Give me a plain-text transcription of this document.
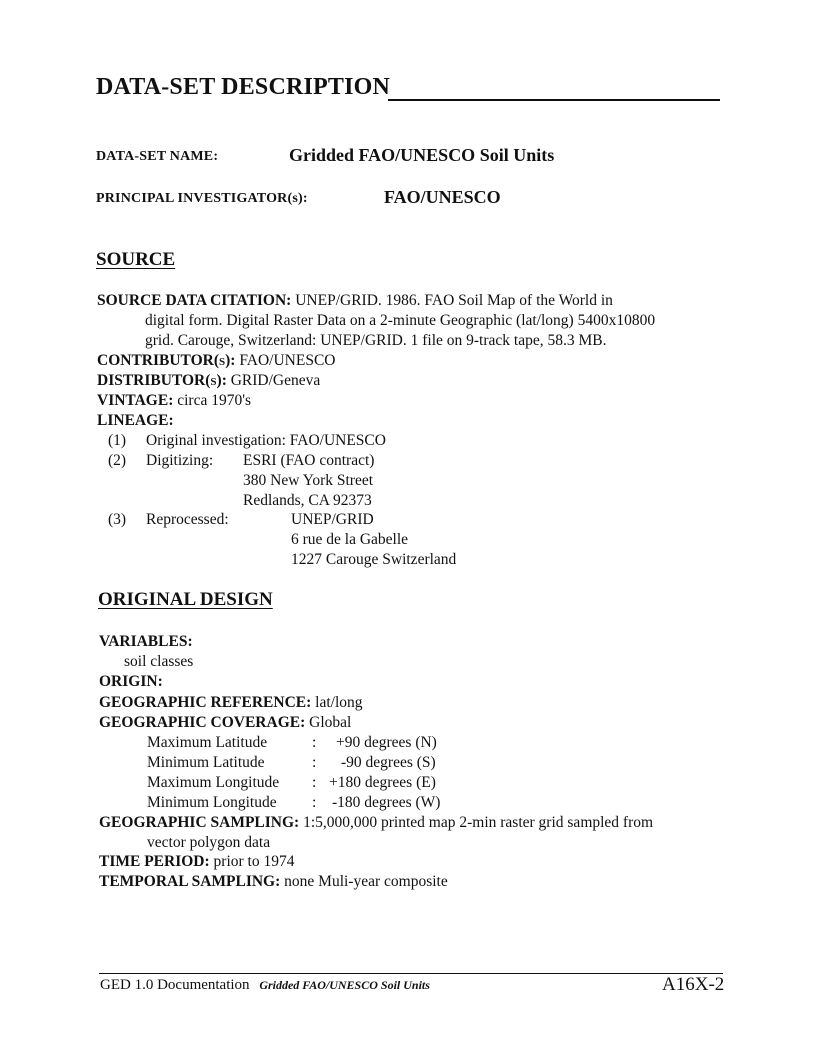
DATA-SET DESCRIPTION
DATA-SET NAME:	Gridded FAO/UNESCO Soil Units
PRINCIPAL INVESTIGATOR(s):	FAO/UNESCO
SOURCE
SOURCE DATA CITATION: UNEP/GRID. 1986. FAO Soil Map of the World in
digital form. Digital Raster Data on a 2-minute Geographic (lat/long) 5400x10800
grid. Carouge, Switzerland: UNEP/GRID. 1 file on 9-track tape, 58.3 MB.
CONTRIBUTOR(s): FAO/UNESCO
DISTRIBUTOR(s): GRID/Geneva
VINTAGE: circa 1970's
LINEAGE:
(1) Original investigation: FAO/UNESCO
(2) Digitizing: ESRI (FAO contract)
380 New York Street
Redlands, CA 92373
(3) Reprocessed:	UNEP/GRID
6 rue de la Gabelle
1227 Carouge Switzerland
ORIGINAL DESIGN
VARIABLES:
soil classes
ORIGIN:
GEOGRAPHIC REFERENCE: lat/long
GEOGRAPHIC COVERAGE: Global
Maximum Latitude	: +90 degrees (N)
Minimum Latitude	: -90 degrees (S)
Maximum Longitude : +180 degrees (E)
Minimum Longitude : -180 degrees (W)
GEOGRAPHIC SAMPLING: 1:5,000,000 printed map 2-min raster grid sampled from
vector polygon data
TIME PERIOD: prior to 1974
TEMPORAL SAMPLING: none Muli-year composite
GED 1.0 Documentation Gridded FAO/UNESCO Soil Units	A16X-2
